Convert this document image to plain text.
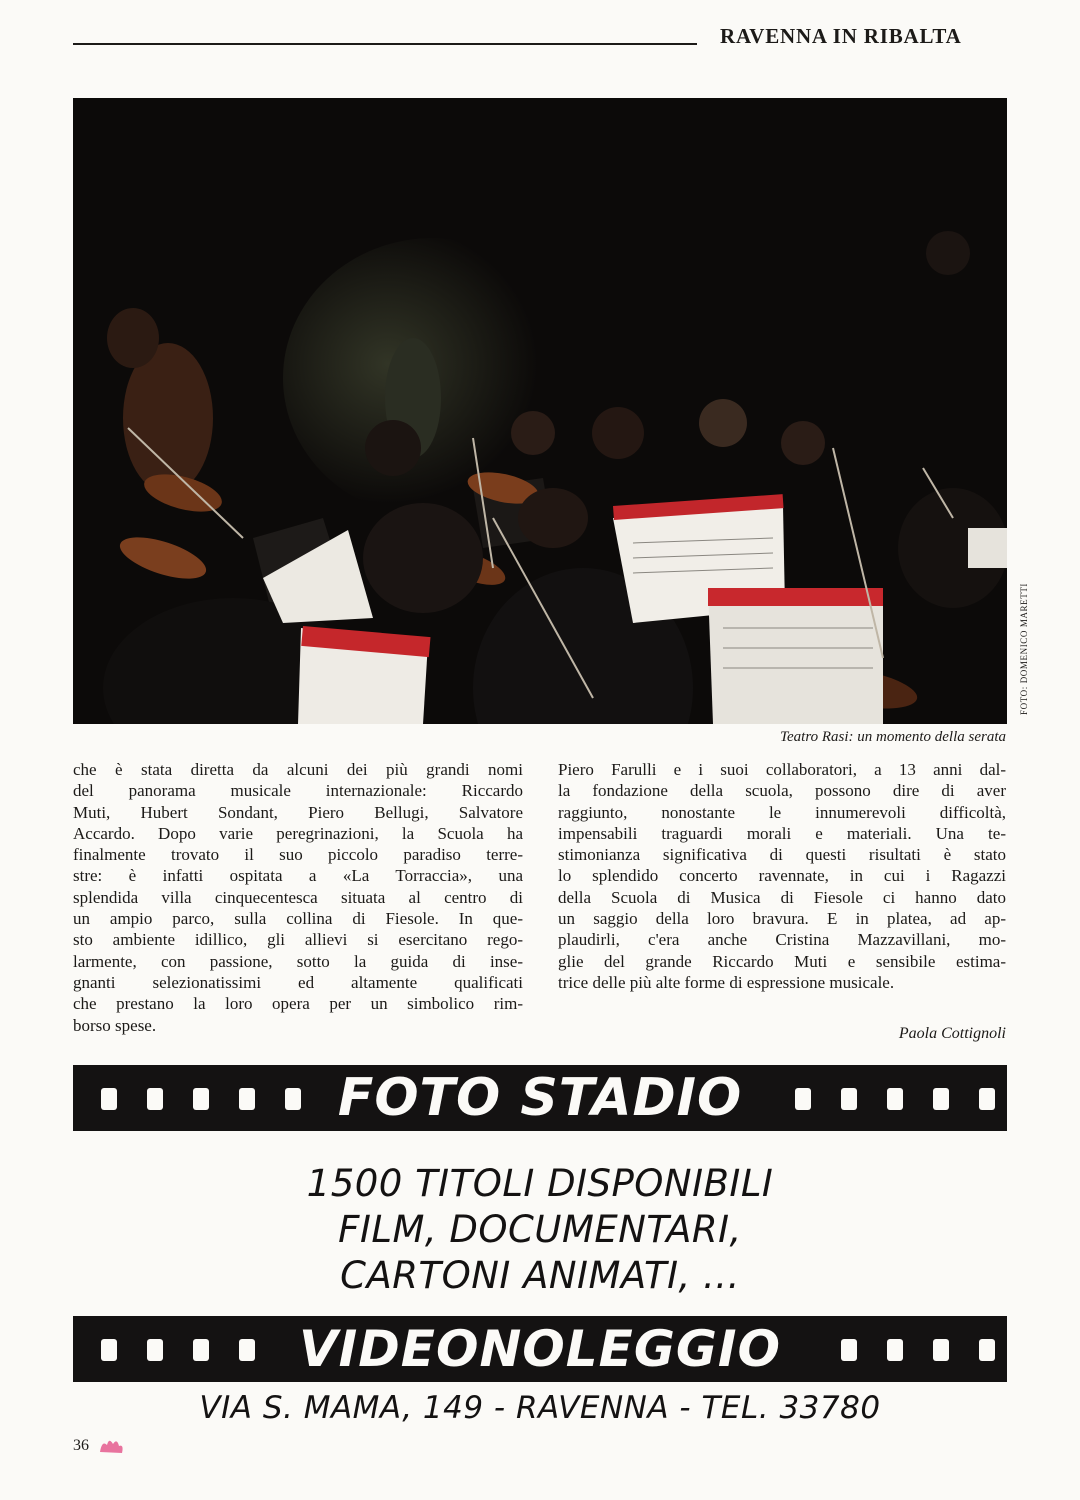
RAVENNA IN RIBALTA
FOTO: DOMENICO MARETTI
Teatro Rasi: un momento della serata
che è stata diretta da alcuni dei più grandi nomi
del panorama musicale internazionale: Riccardo
Muti, Hubert Sondant, Piero Bellugi, Salvatore
Accardo. Dopo varie peregrinazioni, la Scuola ha
finalmente trovato il suo piccolo paradiso terre-
stre: è infatti ospitata a «La Torraccia», una
splendida villa cinquecentesca situata al centro di
un ampio parco, sulla collina di Fiesole. In que-
sto ambiente idillico, gli allievi si esercitano rego-
larmente, con passione, sotto la guida di inse-
gnanti selezionatissimi ed altamente qualificati
che prestano la loro opera per un simbolico rim-
borso spese.
Piero Farulli e i suoi collaboratori, a 13 anni dal-
la fondazione della scuola, possono dire di aver
raggiunto, nonostante le innumerevoli difficoltà,
impensabili traguardi morali e materiali. Una te-
stimonianza significativa di questi risultati è stato
lo splendido concerto ravennate, in cui i Ragazzi
della Scuola di Musica di Fiesole ci hanno dato
un saggio della loro bravura. E in platea, ad ap-
plaudirli, c'era anche Cristina Mazzavillani, mo-
glie del grande Riccardo Muti e sensibile estima-
trice delle più alte forme di espressione musicale.
Paola Cottignoli
FOTO STADIO
1500 TITOLI DISPONIBILI
FILM, DOCUMENTARI,
CARTONI ANIMATI, ...
VIDEONOLEGGIO
VIA S. MAMA, 149 - RAVENNA - TEL. 33780
36
